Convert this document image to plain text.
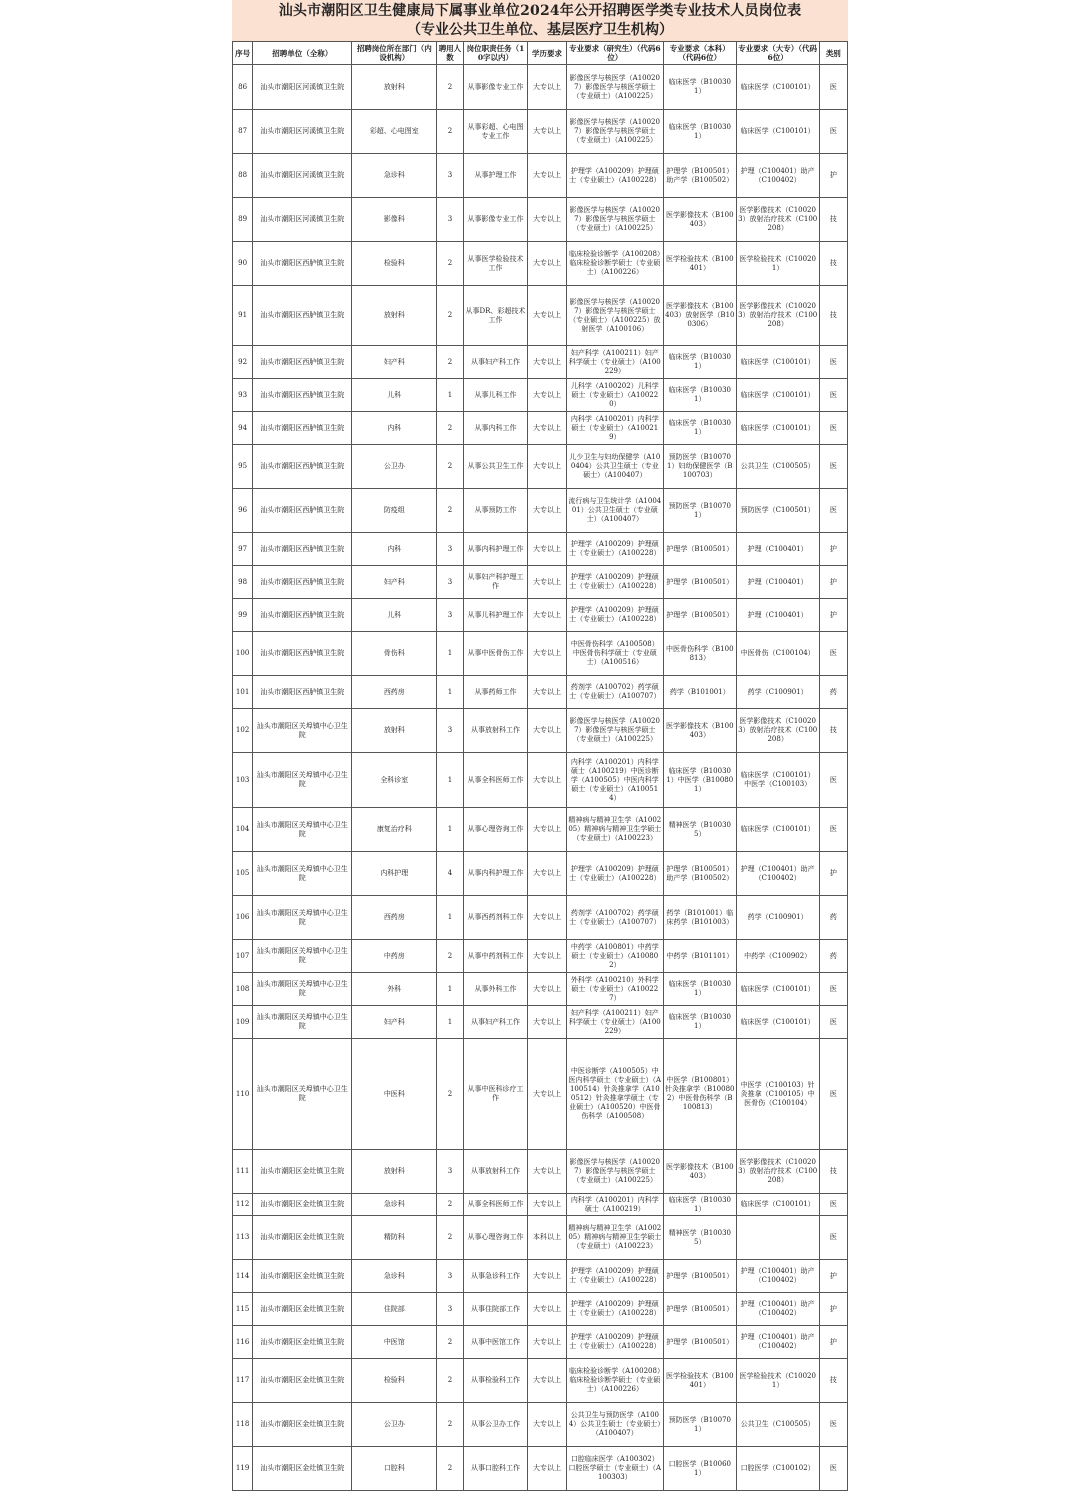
汕头市潮阳区卫生健康局下属事业单位2024年公开招聘医学类专业技术人员岗位表
（专业公共卫生单位、基层医疗卫生机构）
序号	招聘单位（全称）	招聘岗位所在部门（内设机构）	聘用人数	岗位职责任务（10字以内）	学历要求	专业要求（研究生）（代码6位）	专业要求（本科）（代码6位）	专业要求（大专）（代码6位）	类别
86	汕头市潮阳区河溪镇卫生院	放射科	2	从事影像专业工作	大专以上	影像医学与核医学（A100207）影像医学与核医学硕士（专业硕士）（A100225）	临床医学（B100301）	临床医学（C100101）	医
87	汕头市潮阳区河溪镇卫生院	彩超、心电图室	2	从事彩超、心电图专业工作	大专以上	影像医学与核医学（A100207）影像医学与核医学硕士（专业硕士）（A100225）	临床医学（B100301）	临床医学（C100101）	医
88	汕头市潮阳区河溪镇卫生院	急诊科	3	从事护理工作	大专以上	护理学（A100209）护理硕士（专业硕士）（A100228）	护理学（B100501）助产学（B100502）	护理（C100401）助产（C100402）	护
89	汕头市潮阳区河溪镇卫生院	影像科	3	从事影像专业工作	大专以上	影像医学与核医学（A100207）影像医学与核医学硕士（专业硕士）（A100225）	医学影像技术（B100403）	医学影像技术（C100203）放射治疗技术（C100208）	技
90	汕头市潮阳区西胪镇卫生院	检验科	2	从事医学检验技术工作	大专以上	临床检验诊断学（A100208）临床检验诊断学硕士（专业硕士）（A100226）	医学检验技术（B100401）	医学检验技术（C100201）	技
91	汕头市潮阳区西胪镇卫生院	放射科	2	从事DR、彩超技术工作	大专以上	影像医学与核医学（A100207）影像医学与核医学硕士（专业硕士）（A100225）放射医学（A100106）	医学影像技术（B100403）放射医学（B100306）	医学影像技术（C100203）放射治疗技术（C100208）	技
92	汕头市潮阳区西胪镇卫生院	妇产科	2	从事妇产科工作	大专以上	妇产科学（A100211）妇产科学硕士（专业硕士）（A100229）	临床医学（B100301）	临床医学（C100101）	医
93	汕头市潮阳区西胪镇卫生院	儿科	1	从事儿科工作	大专以上	儿科学（A100202）儿科学硕士（专业硕士）（A100220）	临床医学（B100301）	临床医学（C100101）	医
94	汕头市潮阳区西胪镇卫生院	内科	2	从事内科工作	大专以上	内科学（A100201）内科学硕士（专业硕士）（A100219）	临床医学（B100301）	临床医学（C100101）	医
95	汕头市潮阳区西胪镇卫生院	公卫办	2	从事公共卫生工作	大专以上	儿少卫生与妇幼保健学（A100404）公共卫生硕士（专业硕士）（A100407）	预防医学（B100701）妇幼保健医学（B100703）	公共卫生（C100505）	医
96	汕头市潮阳区西胪镇卫生院	防疫组	2	从事预防工作	大专以上	流行病与卫生统计学（A100401）公共卫生硕士（专业硕士）（A100407）	预防医学（B100701）	预防医学（C100501）	医
97	汕头市潮阳区西胪镇卫生院	内科	3	从事内科护理工作	大专以上	护理学（A100209）护理硕士（专业硕士）（A100228）	护理学（B100501）	护理（C100401）	护
98	汕头市潮阳区西胪镇卫生院	妇产科	3	从事妇产科护理工作	大专以上	护理学（A100209）护理硕士（专业硕士）（A100228）	护理学（B100501）	护理（C100401）	护
99	汕头市潮阳区西胪镇卫生院	儿科	3	从事儿科护理工作	大专以上	护理学（A100209）护理硕士（专业硕士）（A100228）	护理学（B100501）	护理（C100401）	护
100	汕头市潮阳区西胪镇卫生院	骨伤科	1	从事中医骨伤工作	大专以上	中医骨伤科学（A100508）中医骨伤科学硕士（专业硕士）（A100516）	中医骨伤科学（B100813）	中医骨伤（C100104）	医
101	汕头市潮阳区西胪镇卫生院	西药房	1	从事药师工作	大专以上	药剂学（A100702）药学硕士（专业硕士）（A100707）	药学（B101001）	药学（C100901）	药
102	汕头市潮阳区关埠镇中心卫生院	放射科	3	从事放射科工作	大专以上	影像医学与核医学（A100207）影像医学与核医学硕士（专业硕士）（A100225）	医学影像技术（B100403）	医学影像技术（C100203）放射治疗技术（C100208）	技
103	汕头市潮阳区关埠镇中心卫生院	全科诊室	1	从事全科医师工作	大专以上	内科学（A100201）内科学硕士（A100219）中医诊断学（A100505）中医内科学硕士（专业硕士）（A100514）	临床医学（B100301）中医学（B100801）	临床医学（C100101）中医学（C100103）	医
104	汕头市潮阳区关埠镇中心卫生院	康复治疗科	1	从事心理咨询工作	大专以上	精神病与精神卫生学（A100205）精神病与精神卫生学硕士（专业硕士）（A100223）	精神医学（B100305）	临床医学（C100101）	医
105	汕头市潮阳区关埠镇中心卫生院	内科护理	4	从事内科护理工作	大专以上	护理学（A100209）护理硕士（专业硕士）（A100228）	护理学（B100501）助产学（B100502）	护理（C100401）助产（C100402）	护
106	汕头市潮阳区关埠镇中心卫生院	西药房	1	从事西药剂科工作	大专以上	药剂学（A100702）药学硕士（专业硕士）（A100707）	药学（B101001）临床药学（B101003）	药学（C100901）	药
107	汕头市潮阳区关埠镇中心卫生院	中药房	2	从事中药剂科工作	大专以上	中药学（A100801）中药学硕士（专业硕士）（A100802）	中药学（B101101）	中药学（C100902）	药
108	汕头市潮阳区关埠镇中心卫生院	外科	1	从事外科工作	大专以上	外科学（A100210）外科学硕士（专业硕士）（A100227）	临床医学（B100301）	临床医学（C100101）	医
109	汕头市潮阳区关埠镇中心卫生院	妇产科	1	从事妇产科工作	大专以上	妇产科学（A100211）妇产科学硕士（专业硕士）（A100229）	临床医学（B100301）	临床医学（C100101）	医
110	汕头市潮阳区关埠镇中心卫生院	中医科	2	从事中医科诊疗工作	大专以上	中医诊断学（A100505）中医内科学硕士（专业硕士）（A100514）针灸推拿学（A100512）针灸推拿学硕士（专业硕士）（A100520）中医骨伤科学（A100508）	中医学（B100801）针灸推拿学（B100802）中医骨伤科学（B100813）	中医学（C100103）针灸推拿（C100105）中医骨伤（C100104）	医
111	汕头市潮阳区金灶镇卫生院	放射科	3	从事放射科工作	大专以上	影像医学与核医学（A100207）影像医学与核医学硕士（专业硕士）（A100225）	医学影像技术（B100403）	医学影像技术（C100203）放射治疗技术（C100208）	技
112	汕头市潮阳区金灶镇卫生院	急诊科	2	从事全科医师工作	大专以上	内科学（A100201）内科学硕士（A100219）	临床医学（B100301）	临床医学（C100101）	医
113	汕头市潮阳区金灶镇卫生院	精防科	2	从事心理咨询工作	本科以上	精神病与精神卫生学（A100205）精神病与精神卫生学硕士（专业硕士）（A100223）	精神医学（B100305）		医
114	汕头市潮阳区金灶镇卫生院	急诊科	3	从事急诊科工作	大专以上	护理学（A100209）护理硕士（专业硕士）（A100228）	护理学（B100501）	护理（C100401）助产（C100402）	护
115	汕头市潮阳区金灶镇卫生院	住院部	3	从事住院部工作	大专以上	护理学（A100209）护理硕士（专业硕士）（A100228）	护理学（B100501）	护理（C100401）助产（C100402）	护
116	汕头市潮阳区金灶镇卫生院	中医馆	2	从事中医馆工作	大专以上	护理学（A100209）护理硕士（专业硕士）（A100228）	护理学（B100501）	护理（C100401）助产（C100402）	护
117	汕头市潮阳区金灶镇卫生院	检验科	2	从事检验科工作	大专以上	临床检验诊断学（A100208）临床检验诊断学硕士（专业硕士）（A100226）	医学检验技术（B100401）	医学检验技术（C100201）	技
118	汕头市潮阳区金灶镇卫生院	公卫办	2	从事公卫办工作	大专以上	公共卫生与预防医学（A1004）公共卫生硕士（专业硕士）（A100407）	预防医学（B100701）	公共卫生（C100505）	医
119	汕头市潮阳区金灶镇卫生院	口腔科	2	从事口腔科工作	大专以上	口腔临床医学（A100302）口腔医学硕士（专业硕士）（A100303）	口腔医学（B100601）	口腔医学（C100102）	医
